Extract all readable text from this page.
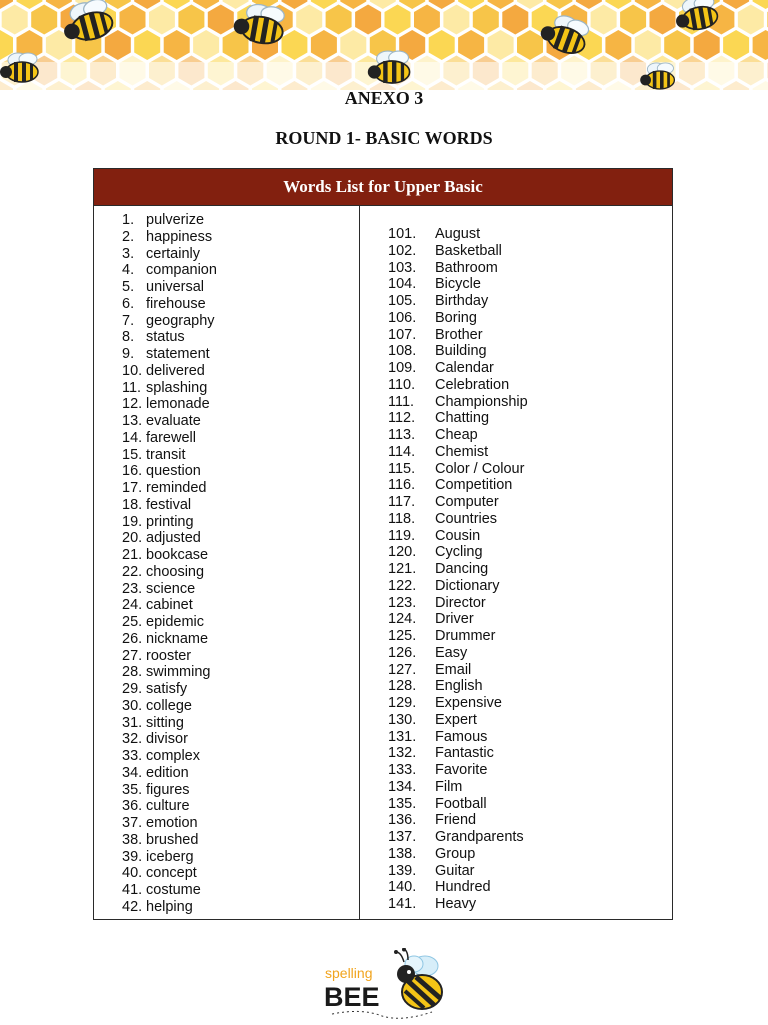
ANEXO 3
ROUND 1- BASIC WORDS
Words List for Upper Basic
1. pulverize
2. happiness
3. certainly
4. companion
5. universal
6. firehouse
7. geography
8. status
9. statement
10. delivered
11. splashing
12. lemonade
13. evaluate
14. farewell
15. transit
16. question
17. reminded
18. festival
19. printing
20. adjusted
21. bookcase
22. choosing
23. science
24. cabinet
25. epidemic
26. nickname
27. rooster
28. swimming
29. satisfy
30. college
31. sitting
32. divisor
33. complex
34. edition
35. figures
36. culture
37. emotion
38. brushed
39. iceberg
40. concept
41. costume
42. helping
101. August
102. Basketball
103. Bathroom
104. Bicycle
105. Birthday
106. Boring
107. Brother
108. Building
109. Calendar
110. Celebration
111. Championship
112. Chatting
113. Cheap
114. Chemist
115. Color / Colour
116. Competition
117. Computer
118. Countries
119. Cousin
120. Cycling
121. Dancing
122. Dictionary
123. Director
124. Driver
125. Drummer
126. Easy
127. Email
128. English
129. Expensive
130. Expert
131. Famous
132. Fantastic
133. Favorite
134. Film
135. Football
136. Friend
137. Grandparents
138. Group
139. Guitar
140. Hundred
141. Heavy
spelling
BEE
